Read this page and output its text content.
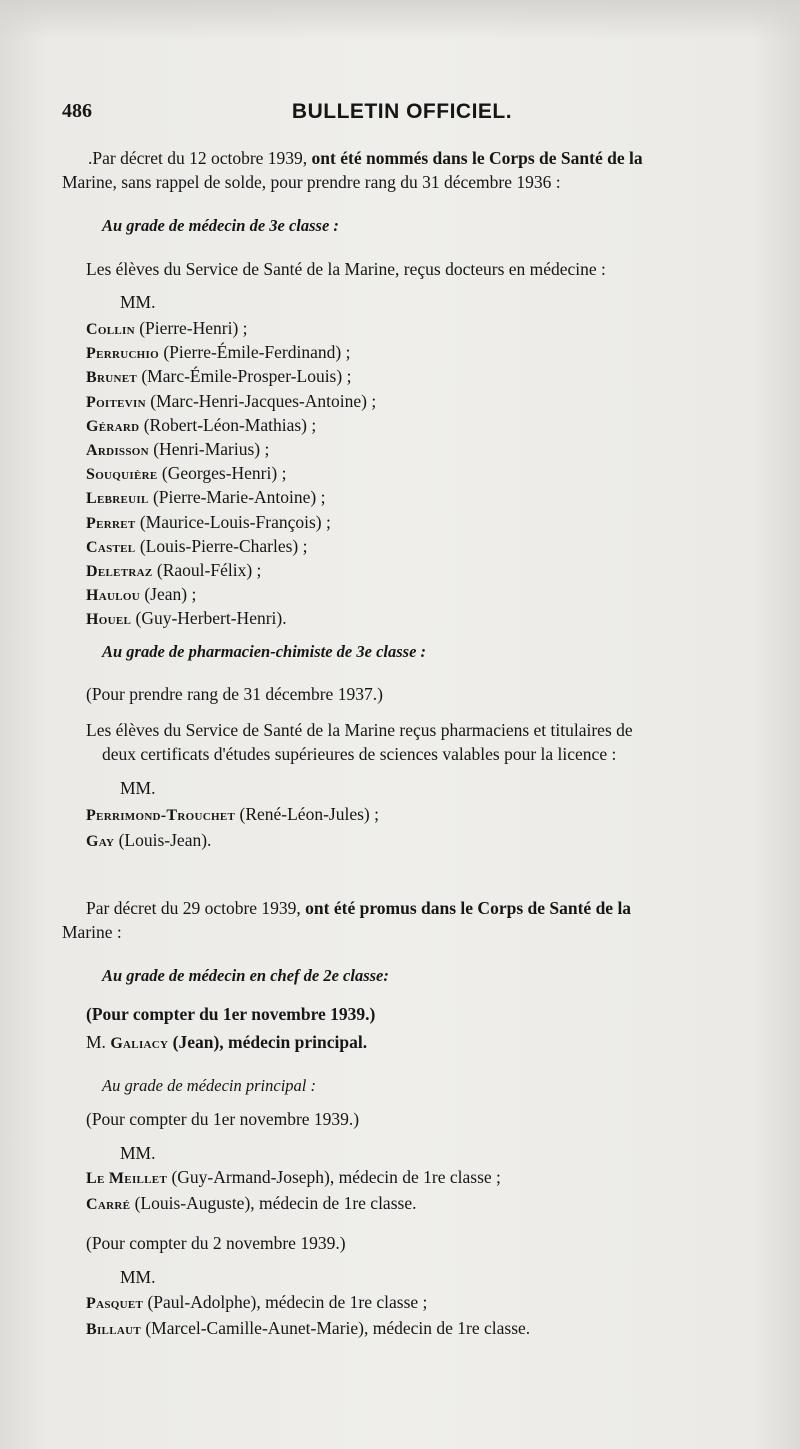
486	BULLETIN OFFICIEL.
.Par décret du 12 octobre 1939, ont été nommés dans le Corps de Santé de la
Marine, sans rappel de solde, pour prendre rang du 31 décembre 1936 :
Au grade de médecin de 3e classe :
Les élèves du Service de Santé de la Marine, reçus docteurs en médecine :
MM.
Collin (Pierre-Henri) ;
Perruchio (Pierre-Émile-Ferdinand) ;
Brunet (Marc-Émile-Prosper-Louis) ;
Poitevin (Marc-Henri-Jacques-Antoine) ;
Gérard (Robert-Léon-Mathias) ;
Ardisson (Henri-Marius) ;
Souquière (Georges-Henri) ;
Lebreuil (Pierre-Marie-Antoine) ;
Perret (Maurice-Louis-François) ;
Castel (Louis-Pierre-Charles) ;
Deletraz (Raoul-Félix) ;
Haulou (Jean) ;
Houel (Guy-Herbert-Henri).
Au grade de pharmacien-chimiste de 3e classe :
(Pour prendre rang de 31 décembre 1937.)
Les élèves du Service de Santé de la Marine reçus pharmaciens et titulaires de
deux certificats d'études supérieures de sciences valables pour la licence :
MM.
Perrimond-Trouchet (René-Léon-Jules) ;
Gay (Louis-Jean).
Par décret du 29 octobre 1939, ont été promus dans le Corps de Santé de la
Marine :
Au grade de médecin en chef de 2e classe:
(Pour compter du 1er novembre 1939.)
M. Galiacy (Jean), médecin principal.
Au grade de médecin principal :
(Pour compter du 1er novembre 1939.)
MM.
Le Meillet (Guy-Armand-Joseph), médecin de 1re classe ;
Carré (Louis-Auguste), médecin de 1re classe.
(Pour compter du 2 novembre 1939.)
MM.
Pasquet (Paul-Adolphe), médecin de 1re classe ;
Billaut (Marcel-Camille-Aunet-Marie), médecin de 1re classe.
